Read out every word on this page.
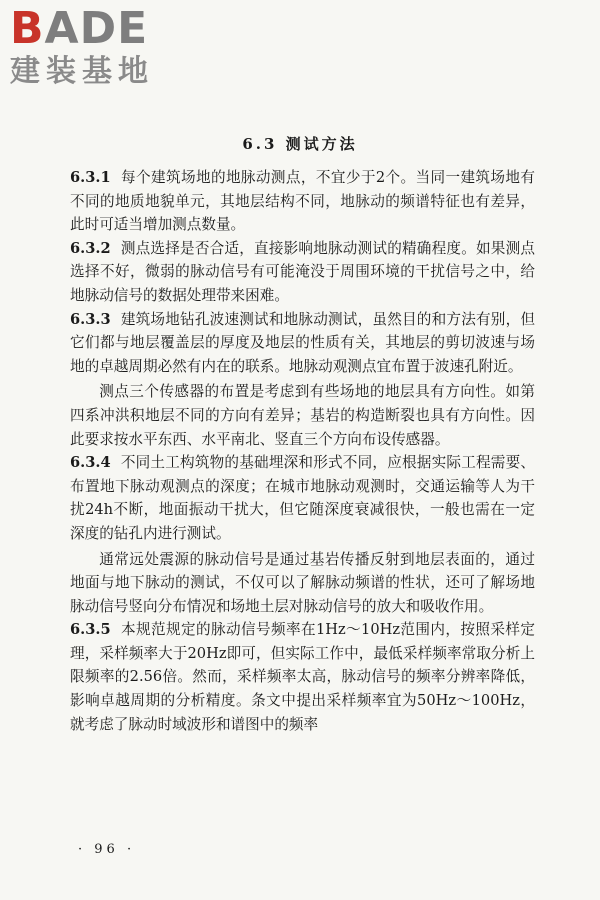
BADE
建装基地
6.3 测试方法

6.3.1 每个建筑场地的地脉动测点，不宜少于2个。当同一建筑场地有不同的地质地貌单元，其地层结构不同，地脉动的频谱特征也有差异，此时可适当增加测点数量。

6.3.2 测点选择是否合适，直接影响地脉动测试的精确程度。如果测点选择不好，微弱的脉动信号有可能淹没于周围环境的干扰信号之中，给地脉动信号的数据处理带来困难。

6.3.3 建筑场地钻孔波速测试和地脉动测试，虽然目的和方法有别，但它们都与地层覆盖层的厚度及地层的性质有关，其地层的剪切波速与场地的卓越周期必然有内在的联系。地脉动观测点宜布置于波速孔附近。

测点三个传感器的布置是考虑到有些场地的地层具有方向性。如第四系冲洪积地层不同的方向有差异；基岩的构造断裂也具有方向性。因此要求按水平东西、水平南北、竖直三个方向布设传感器。

6.3.4 不同土工构筑物的基础埋深和形式不同，应根据实际工程需要、布置地下脉动观测点的深度；在城市地脉动观测时，交通运输等人为干扰24h不断，地面振动干扰大，但它随深度衰减很快，一般也需在一定深度的钻孔内进行测试。

通常远处震源的脉动信号是通过基岩传播反射到地层表面的，通过地面与地下脉动的测试，不仅可以了解脉动频谱的性状，还可了解场地脉动信号竖向分布情况和场地土层对脉动信号的放大和吸收作用。

6.3.5 本规范规定的脉动信号频率在1Hz～10Hz范围内，按照采样定理，采样频率大于20Hz即可，但实际工作中，最低采样频率常取分析上限频率的2.56倍。然而，采样频率太高，脉动信号的频率分辨率降低，影响卓越周期的分析精度。条文中提出采样频率宜为50Hz～100Hz，就考虑了脉动时域波形和谱图中的频率

· 96 ·
